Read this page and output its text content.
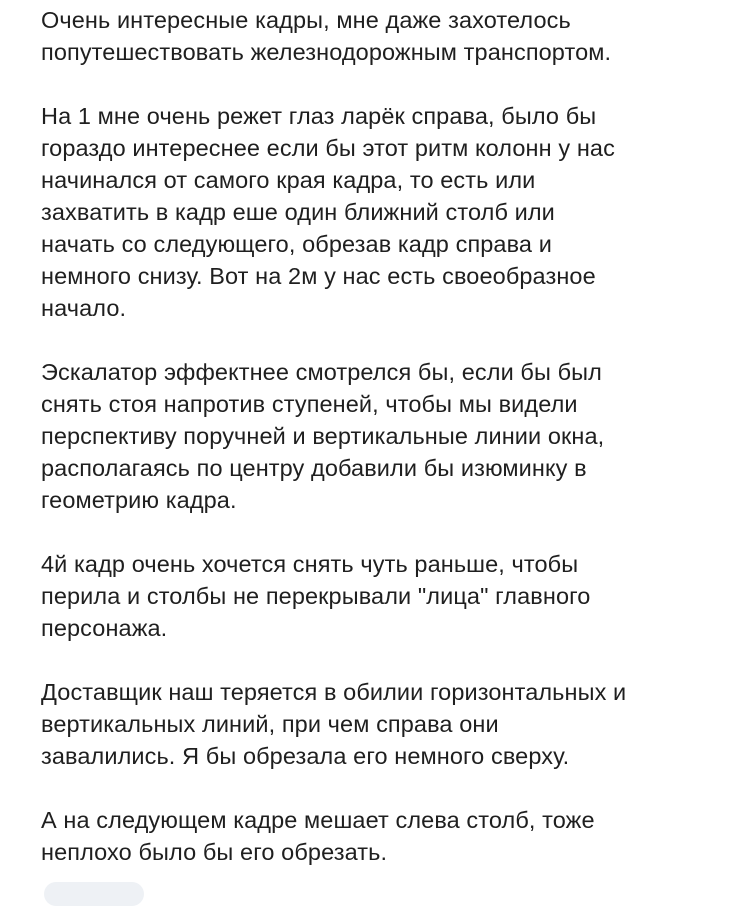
Очень интересные кадры, мне даже захотелось
попутешествовать железнодорожным транспортом.

На 1 мне очень режет глаз ларёк справа, было бы
гораздо интереснее если бы этот ритм колонн у нас
начинался от самого края кадра, то есть или
захватить в кадр еше один ближний столб или
начать со следующего, обрезав кадр справа и
немного снизу. Вот на 2м у нас есть своеобразное
начало.

Эскалатор эффектнее смотрелся бы, если бы был
снять стоя напротив ступеней, чтобы мы видели
перспективу поручней и вертикальные линии окна,
располагаясь по центру добавили бы изюминку в
геометрию кадра.

4й кадр очень хочется снять чуть раньше, чтобы
перила и столбы не перекрывали "лица" главного
персонажа.

Доставщик наш теряется в обилии горизонтальных и
вертикальных линий, при чем справа они
завалились. Я бы обрезала его немного сверху.

А на следующем кадре мешает слева столб, тоже
неплохо было бы его обрезать.
